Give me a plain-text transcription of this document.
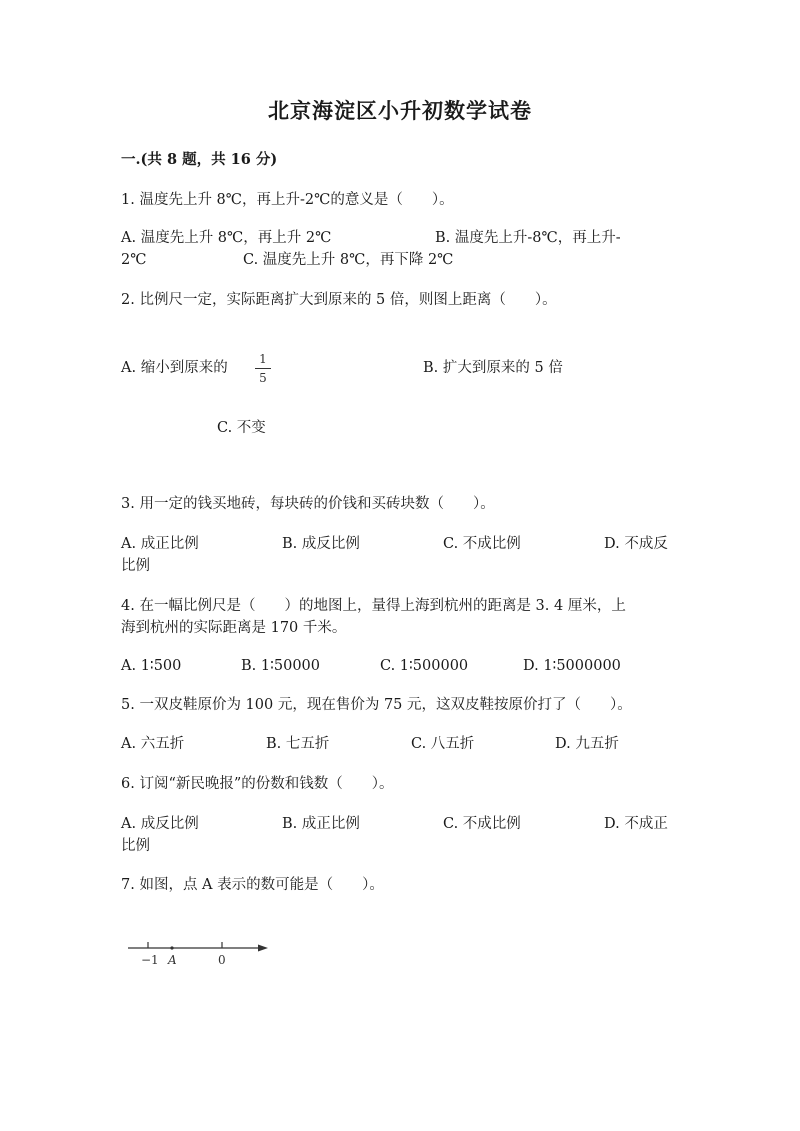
北京海淀区小升初数学试卷
一.(共 8 题，共 16 分)
1. 温度先上升 8℃，再上升-2℃的意义是（　　）。
A. 温度先上升 8℃，再上升 2℃	B. 温度先上升-8℃，再上升-
2℃	C. 温度先上升 8℃，再下降 2℃
2. 比例尺一定，实际距离扩大到原来的 5 倍，则图上距离（　　）。
A. 缩小到原来的
1
5
B. 扩大到原来的 5 倍
C. 不变
3. 用一定的钱买地砖，每块砖的价钱和买砖块数（　　）。
A. 成正比例	B. 成反比例	C. 不成比例	D. 不成反
比例
4. 在一幅比例尺是（　　）的地图上，量得上海到杭州的距离是 3. 4 厘米，上
海到杭州的实际距离是 170 千米。
A. 1∶500	B. 1∶50000	C. 1∶500000	D. 1∶5000000
5. 一双皮鞋原价为 100 元，现在售价为 75 元，这双皮鞋按原价打了（　　）。
A. 六五折	B. 七五折	C. 八五折	D. 九五折
6. 订阅“新民晚报”的份数和钱数（　　）。
A. 成反比例	B. 成正比例	C. 不成比例	D. 不成正
比例
7. 如图，点 A 表示的数可能是（　　）。
−1 A	0
